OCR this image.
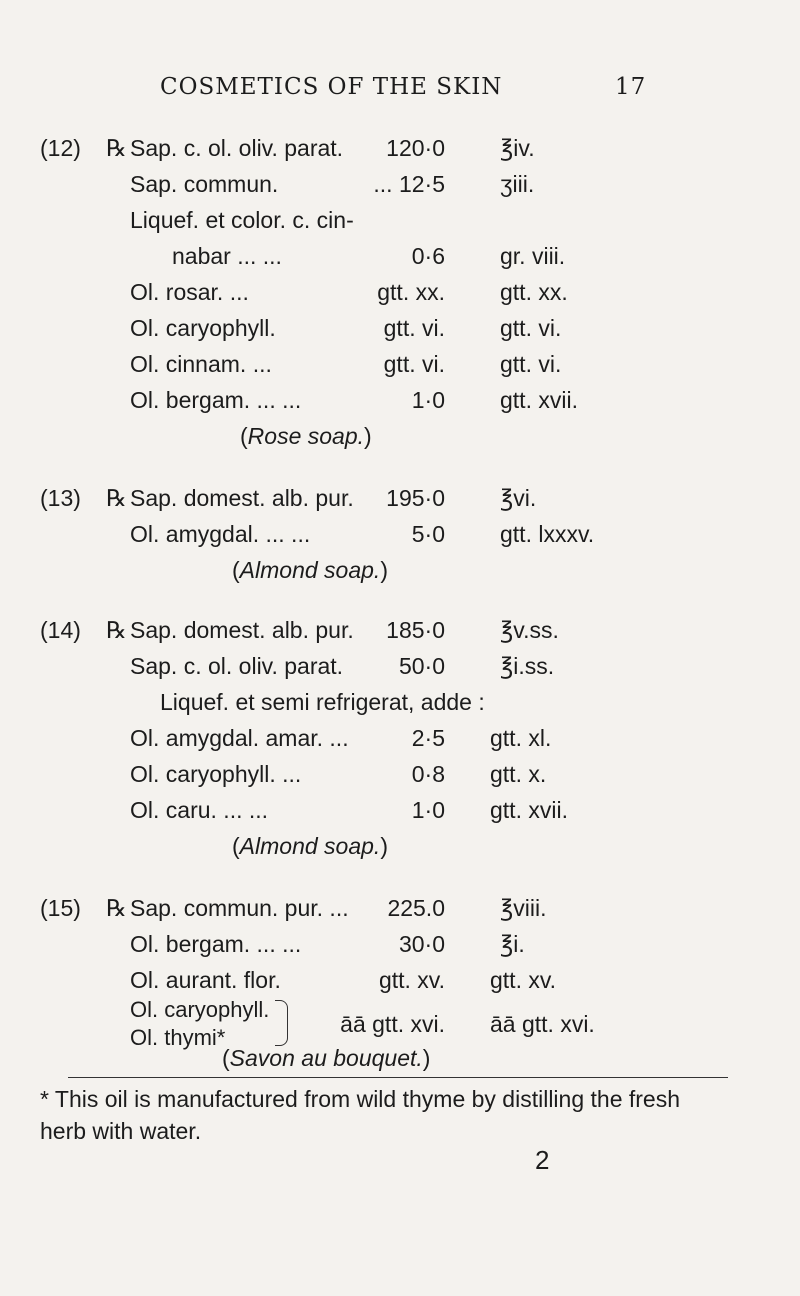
COSMETICS OF THE SKIN	17
(12) ℞ Sap. c. ol. oliv. parat.	120·0 ℥iv.
Sap. commun.	... 12·5 ʒiii.
Liquef. et color. c. cin-
nabar ... ...	0·6 gr. viii.
Ol. rosar. ...	gtt. xx. gtt. xx.
Ol. caryophyll.	gtt. vi. gtt. vi.
Ol. cinnam. ...	gtt. vi. gtt. vi.
Ol. bergam. ... ...	1·0 gtt. xvii.
(Rose soap.)
(13) ℞ Sap. domest. alb. pur.	195·0 ℥vi.
Ol. amygdal. ... ...	5·0 gtt. lxxxv.
(Almond soap.)
(14) ℞ Sap. domest. alb. pur.	185·0 ℥v.ss.
Sap. c. ol. oliv. parat.	50·0 ℥i.ss.
Liquef. et semi refrigerat, adde :
Ol. amygdal. amar. ...	2·5 gtt. xl.
Ol. caryophyll. ...	0·8 gtt. x.
Ol. caru. ... ...	1·0 gtt. xvii.
(Almond soap.)
(15) ℞ Sap. commun. pur. ...	225.0 ℥viii.
Ol. bergam. ... ...	30·0 ℥i.
Ol. aurant. flor.	gtt. xv. gtt. xv.
Ol. caryophyll.
Ol. thymi*
āā gtt. xvi. āā gtt. xvi.
(Savon au bouquet.)
* This oil is manufactured from wild thyme by distilling the fresh herb with water.
2
